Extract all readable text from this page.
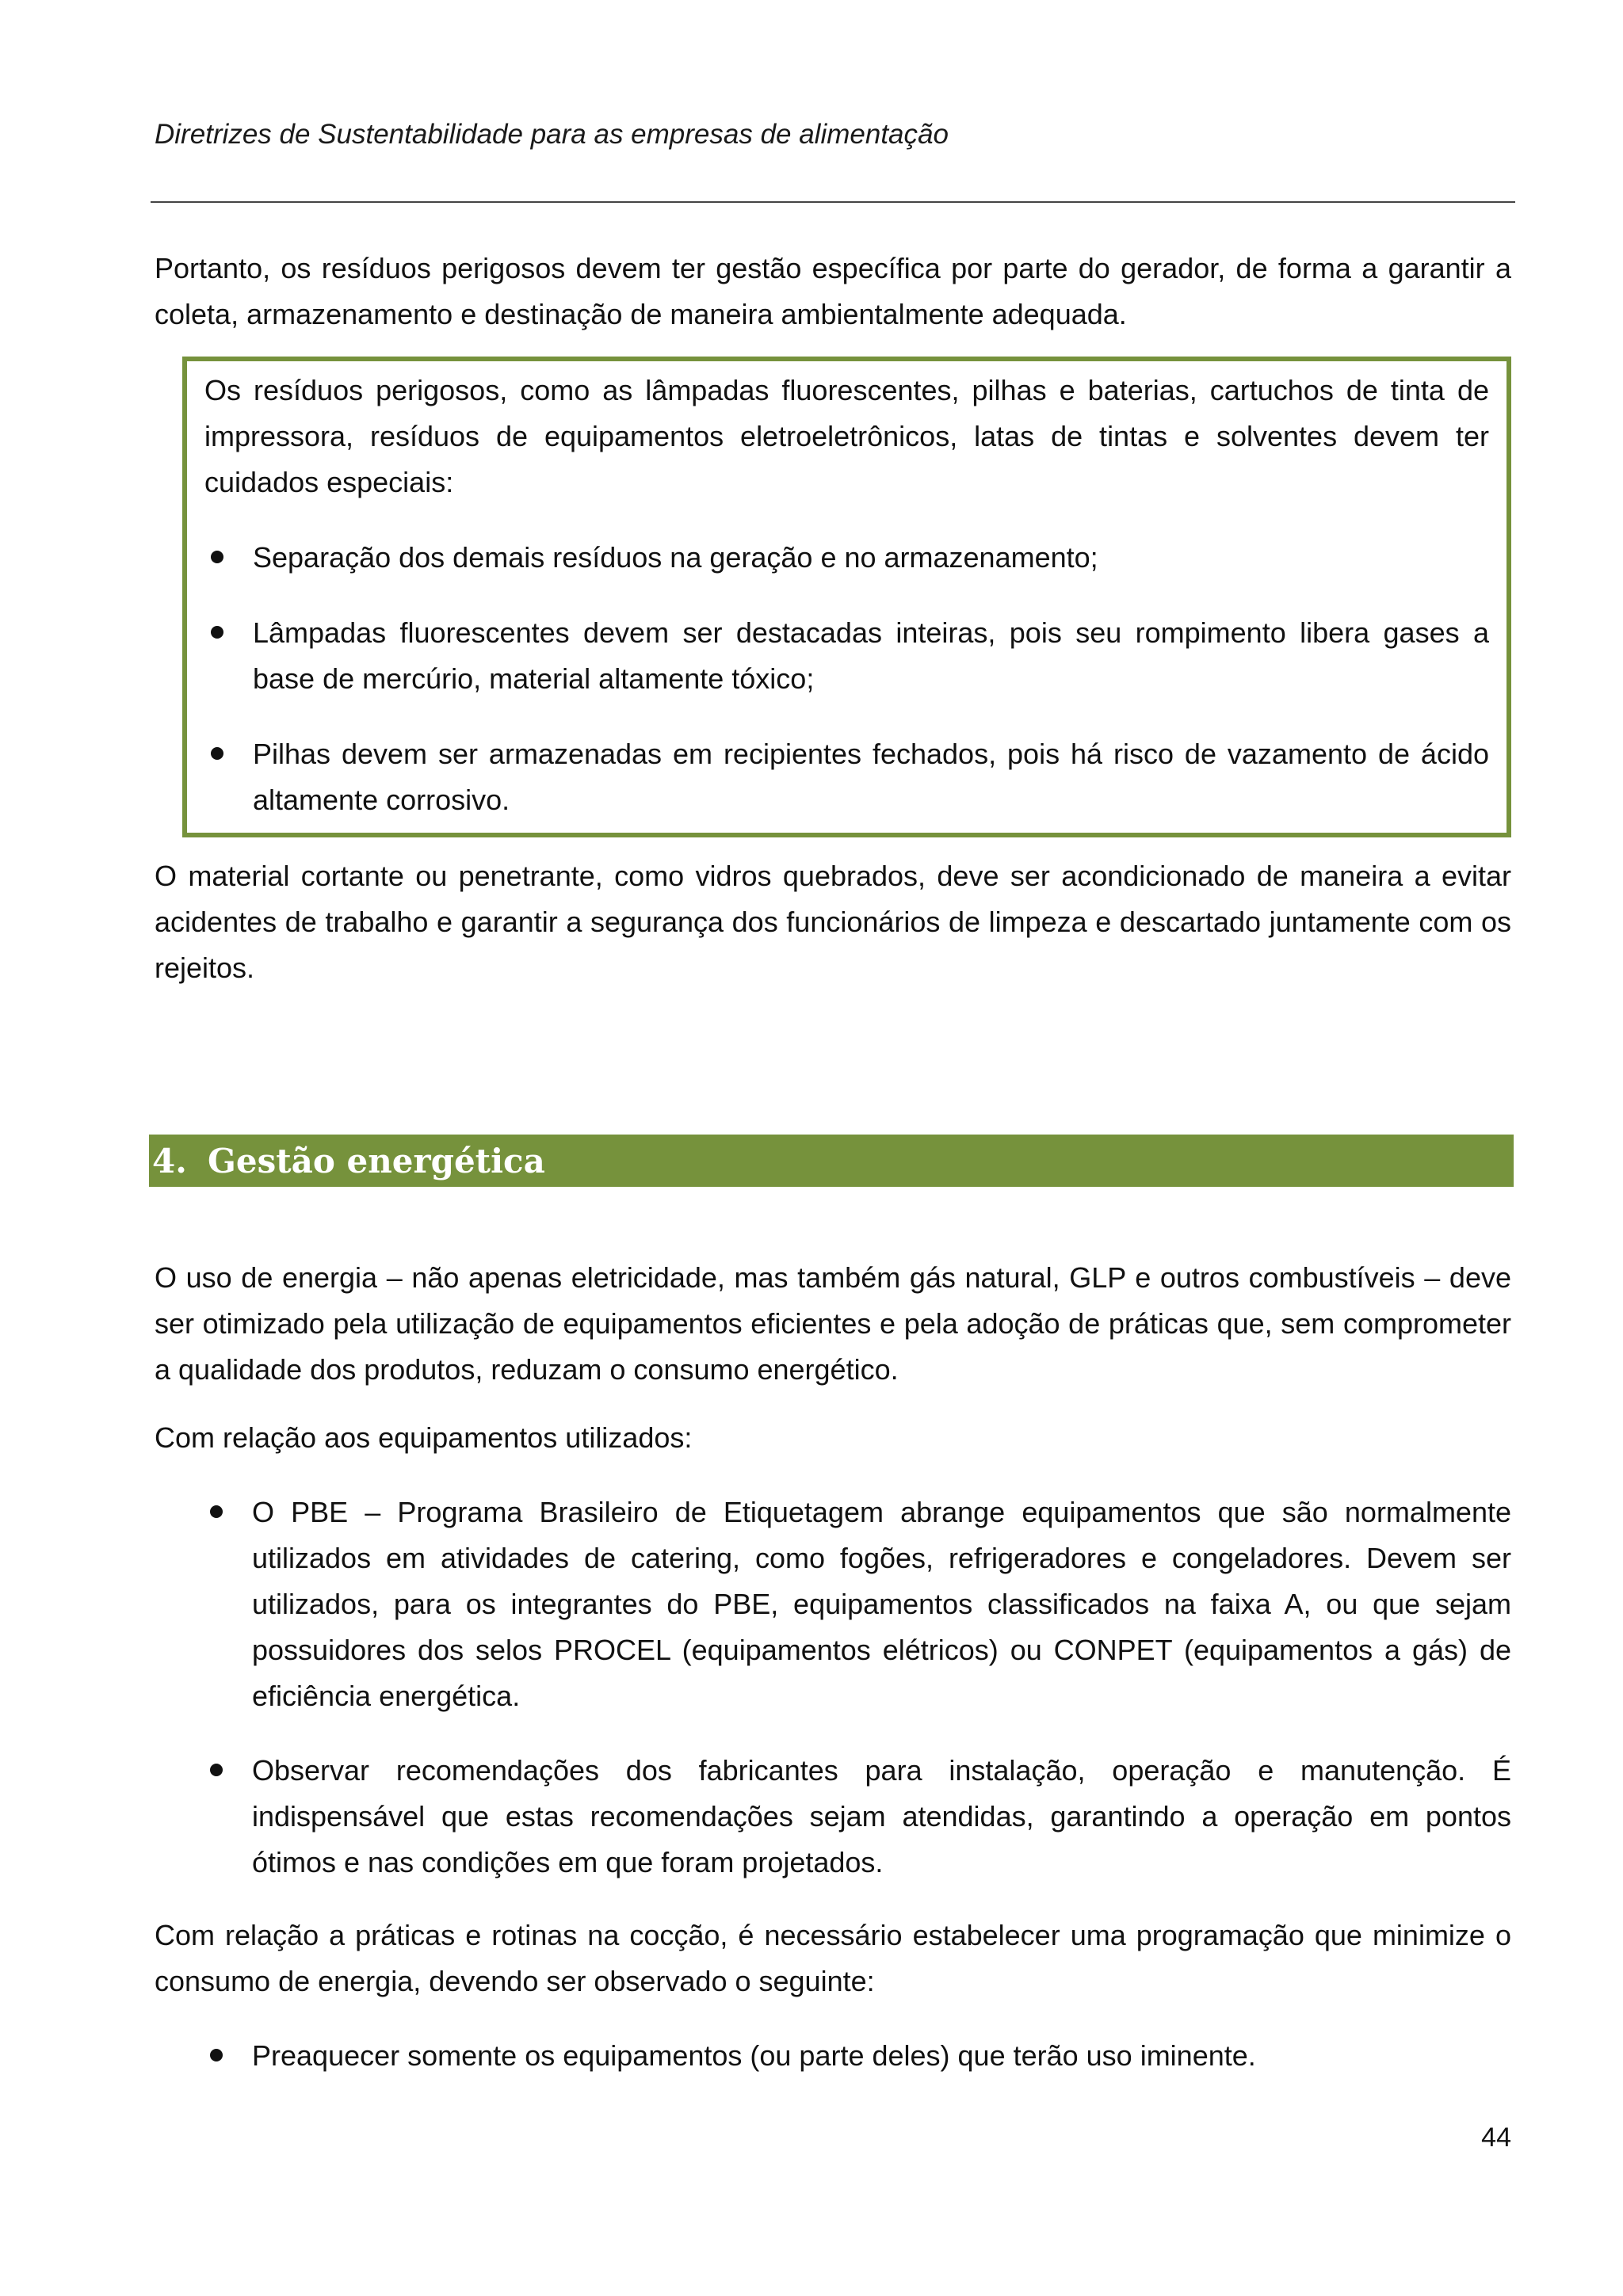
Diretrizes de Sustentabilidade para as empresas de alimentação

Portanto, os resíduos perigosos devem ter gestão específica por parte do gerador, de forma a garantir a coleta, armazenamento e destinação de maneira ambientalmente adequada.

Os resíduos perigosos, como as lâmpadas fluorescentes, pilhas e baterias, cartuchos de tinta de impressora, resíduos de equipamentos eletroeletrônicos, latas de tintas e solventes devem ter cuidados especiais:

Separação dos demais resíduos na geração e no armazenamento;
Lâmpadas fluorescentes devem ser destacadas inteiras, pois seu rompimento libera gases a base de mercúrio, material altamente tóxico;
Pilhas devem ser armazenadas em recipientes fechados, pois há risco de vazamento de ácido altamente corrosivo.

O material cortante ou penetrante, como vidros quebrados, deve ser acondicionado de maneira a evitar acidentes de trabalho e garantir a segurança dos funcionários de limpeza e descartado juntamente com os rejeitos.

4. Gestão energética

O uso de energia – não apenas eletricidade, mas também gás natural, GLP e outros combustíveis – deve ser otimizado pela utilização de equipamentos eficientes e pela adoção de práticas que, sem comprometer a qualidade dos produtos, reduzam o consumo energético.

Com relação aos equipamentos utilizados:

O PBE – Programa Brasileiro de Etiquetagem abrange equipamentos que são normalmente utilizados em atividades de catering, como fogões, refrigeradores e congeladores. Devem ser utilizados, para os integrantes do PBE, equipamentos classificados na faixa A, ou que sejam possuidores dos selos PROCEL (equipamentos elétricos) ou CONPET (equipamentos a gás) de eficiência energética.
Observar recomendações dos fabricantes para instalação, operação e manutenção. É indispensável que estas recomendações sejam atendidas, garantindo a operação em pontos ótimos e nas condições em que foram projetados.

Com relação a práticas e rotinas na cocção, é necessário estabelecer uma programação que minimize o consumo de energia, devendo ser observado o seguinte:

Preaquecer somente os equipamentos (ou parte deles) que terão uso iminente.
44
